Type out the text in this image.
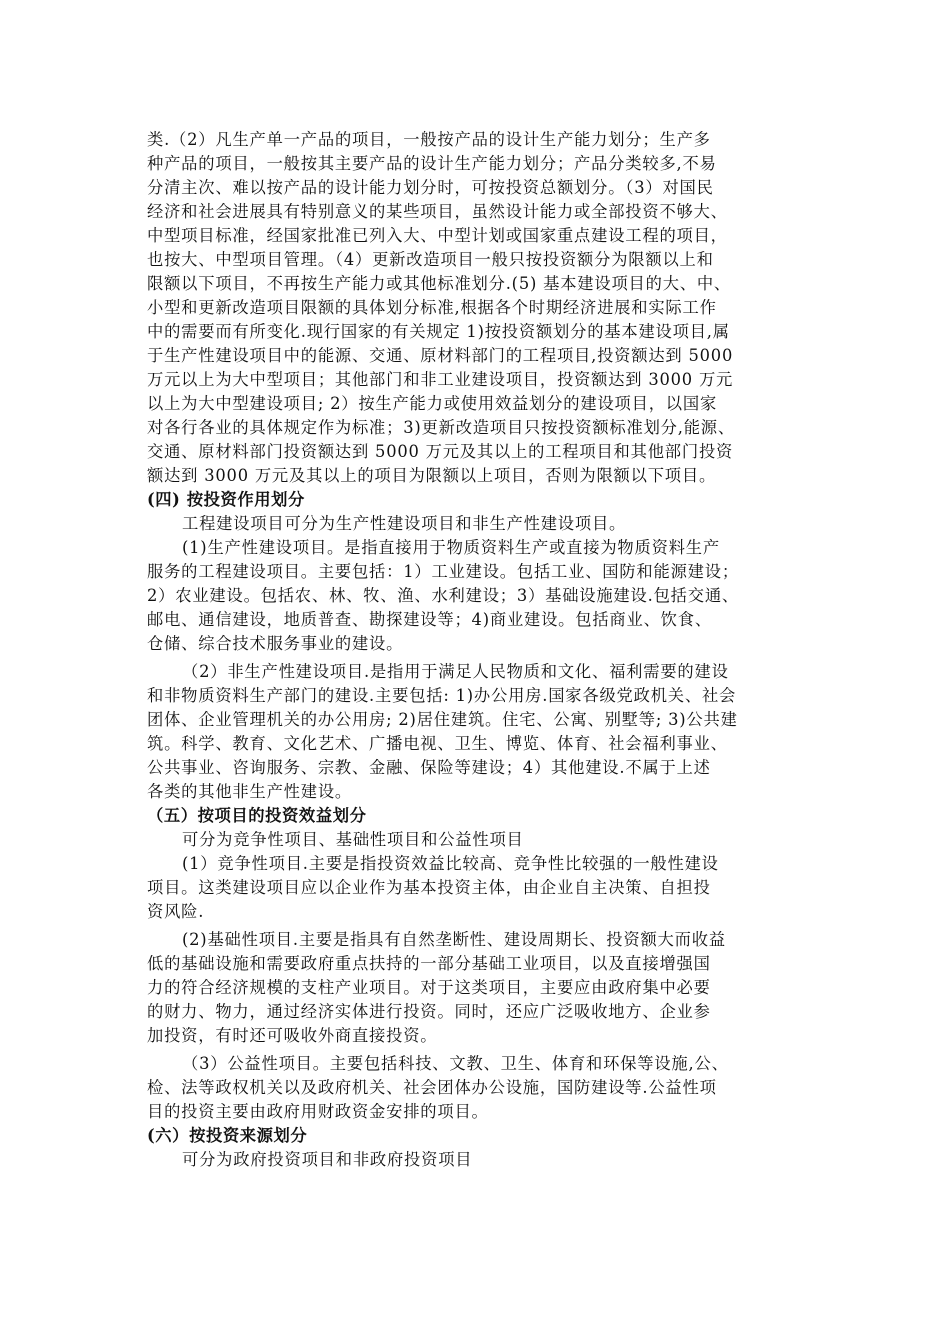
类.（2）凡生产单一产品的项目，一般按产品的设计生产能力划分；生产多
种产品的项目，一般按其主要产品的设计生产能力划分；产品分类较多,不易
分清主次、难以按产品的设计能力划分时，可按投资总额划分。（3）对国民
经济和社会进展具有特别意义的某些项目，虽然设计能力或全部投资不够大、
中型项目标准，经国家批准已列入大、中型计划或国家重点建设工程的项目，
也按大、中型项目管理。（4）更新改造项目一般只按投资额分为限额以上和
限额以下项目，不再按生产能力或其他标准划分.(5) 基本建设项目的大、中、
小型和更新改造项目限额的具体划分标准,根据各个时期经济进展和实际工作
中的需要而有所变化.现行国家的有关规定 1)按投资额划分的基本建设项目,属
于生产性建设项目中的能源、交通、原材料部门的工程项目,投资额达到 5000
万元以上为大中型项目；其他部门和非工业建设项目，投资额达到 3000 万元
以上为大中型建设项目; 2）按生产能力或使用效益划分的建设项目，以国家
对各行各业的具体规定作为标准；3)更新改造项目只按投资额标准划分,能源、
交通、原材料部门投资额达到 5000 万元及其以上的工程项目和其他部门投资
额达到 3000 万元及其以上的项目为限额以上项目，否则为限额以下项目。
(四) 按投资作用划分
工程建设项目可分为生产性建设项目和非生产性建设项目。
(1)生产性建设项目。是指直接用于物质资料生产或直接为物质资料生产
服务的工程建设项目。主要包括：1）工业建设。包括工业、国防和能源建设；
2）农业建设。包括农、林、牧、渔、水利建设；3）基础设施建设.包括交通、
邮电、通信建设，地质普查、勘探建设等；4)商业建设。包括商业、饮食、
仓储、综合技术服务事业的建设。
（2）非生产性建设项目.是指用于满足人民物质和文化、福利需要的建设
和非物质资料生产部门的建设.主要包括: 1)办公用房.国家各级党政机关、社会
团体、企业管理机关的办公用房; 2)居住建筑。住宅、公寓、别墅等; 3)公共建
筑。科学、教育、文化艺术、广播电视、卫生、博览、体育、社会福利事业、
公共事业、咨询服务、宗教、金融、保险等建设；4）其他建设.不属于上述
各类的其他非生产性建设。
（五）按项目的投资效益划分
可分为竞争性项目、基础性项目和公益性项目
(1）竞争性项目.主要是指投资效益比较高、竞争性比较强的一般性建设
项目。这类建设项目应以企业作为基本投资主体，由企业自主决策、自担投
资风险.
(2)基础性项目.主要是指具有自然垄断性、建设周期长、投资额大而收益
低的基础设施和需要政府重点扶持的一部分基础工业项目，以及直接增强国
力的符合经济规模的支柱产业项目。对于这类项目，主要应由政府集中必要
的财力、物力，通过经济实体进行投资。同时，还应广泛吸收地方、企业参
加投资，有时还可吸收外商直接投资。
（3）公益性项目。主要包括科技、文教、卫生、体育和环保等设施,公、
检、法等政权机关以及政府机关、社会团体办公设施，国防建设等.公益性项
目的投资主要由政府用财政资金安排的项目。
(六）按投资来源划分
可分为政府投资项目和非政府投资项目
